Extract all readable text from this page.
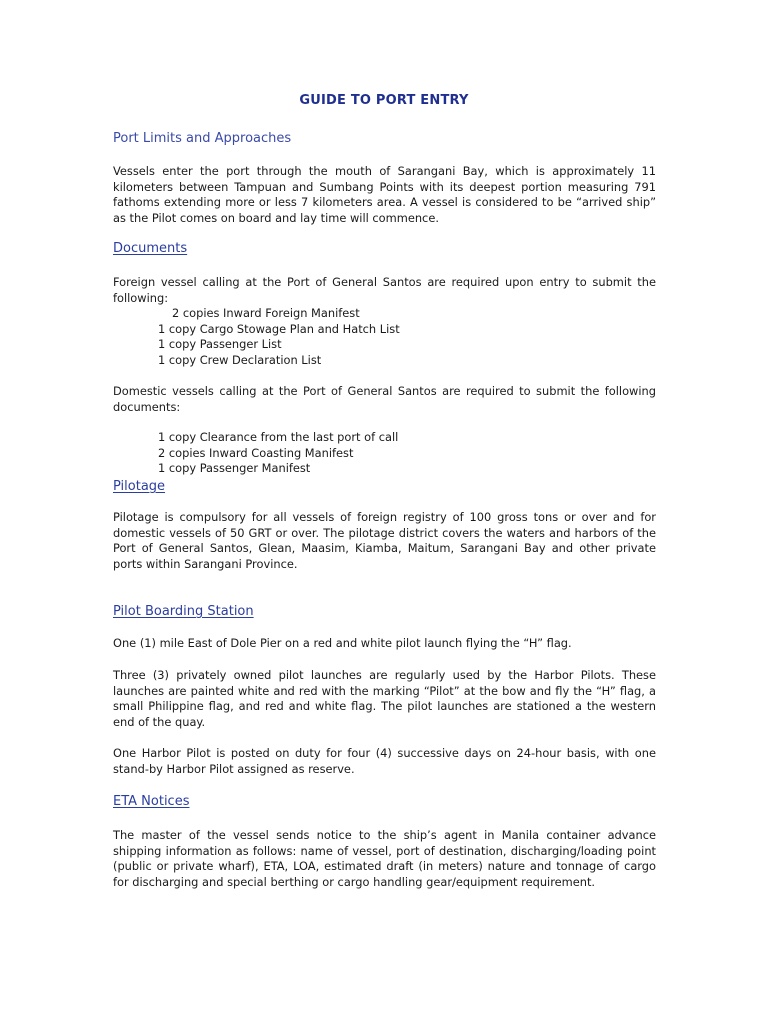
GUIDE TO PORT ENTRY
Port Limits and Approaches
Vessels enter the port through the mouth of Sarangani Bay, which is approximately 11 kilometers between Tampuan and Sumbang Points with its deepest portion measuring 791 fathoms extending more or less 7 kilometers area. A vessel is considered to be “arrived ship” as the Pilot comes on board and lay time will commence.
Documents
Foreign vessel calling at the Port of General Santos are required upon entry to submit the following:
2 copies Inward Foreign Manifest
1 copy Cargo Stowage Plan and Hatch List
1 copy Passenger List
1 copy Crew Declaration List
Domestic vessels calling at the Port of General Santos are required to submit the following documents:
1 copy Clearance from the last port of call
2 copies Inward Coasting Manifest
1 copy Passenger Manifest
Pilotage
Pilotage is compulsory for all vessels of foreign registry of 100 gross tons or over and for domestic vessels of 50 GRT or over. The pilotage district covers the waters and harbors of the Port of General Santos, Glean, Maasim, Kiamba, Maitum, Sarangani Bay and other private ports within Sarangani Province.
Pilot Boarding Station
One (1) mile East of Dole Pier on a red and white pilot launch flying the “H” flag.
Three (3) privately owned pilot launches are regularly used by the Harbor Pilots. These launches are painted white and red with the marking “Pilot” at the bow and fly the “H” flag, a small Philippine flag, and red and white flag. The pilot launches are stationed a the western end of the quay.
One Harbor Pilot is posted on duty for four (4) successive days on 24-hour basis, with one stand-by Harbor Pilot assigned as reserve.
ETA Notices
The master of the vessel sends notice to the ship’s agent in Manila container advance shipping information as follows: name of vessel, port of destination, discharging/loading point (public or private wharf), ETA, LOA, estimated draft (in meters) nature and tonnage of cargo for discharging and special berthing or cargo handling gear/equipment requirement.
